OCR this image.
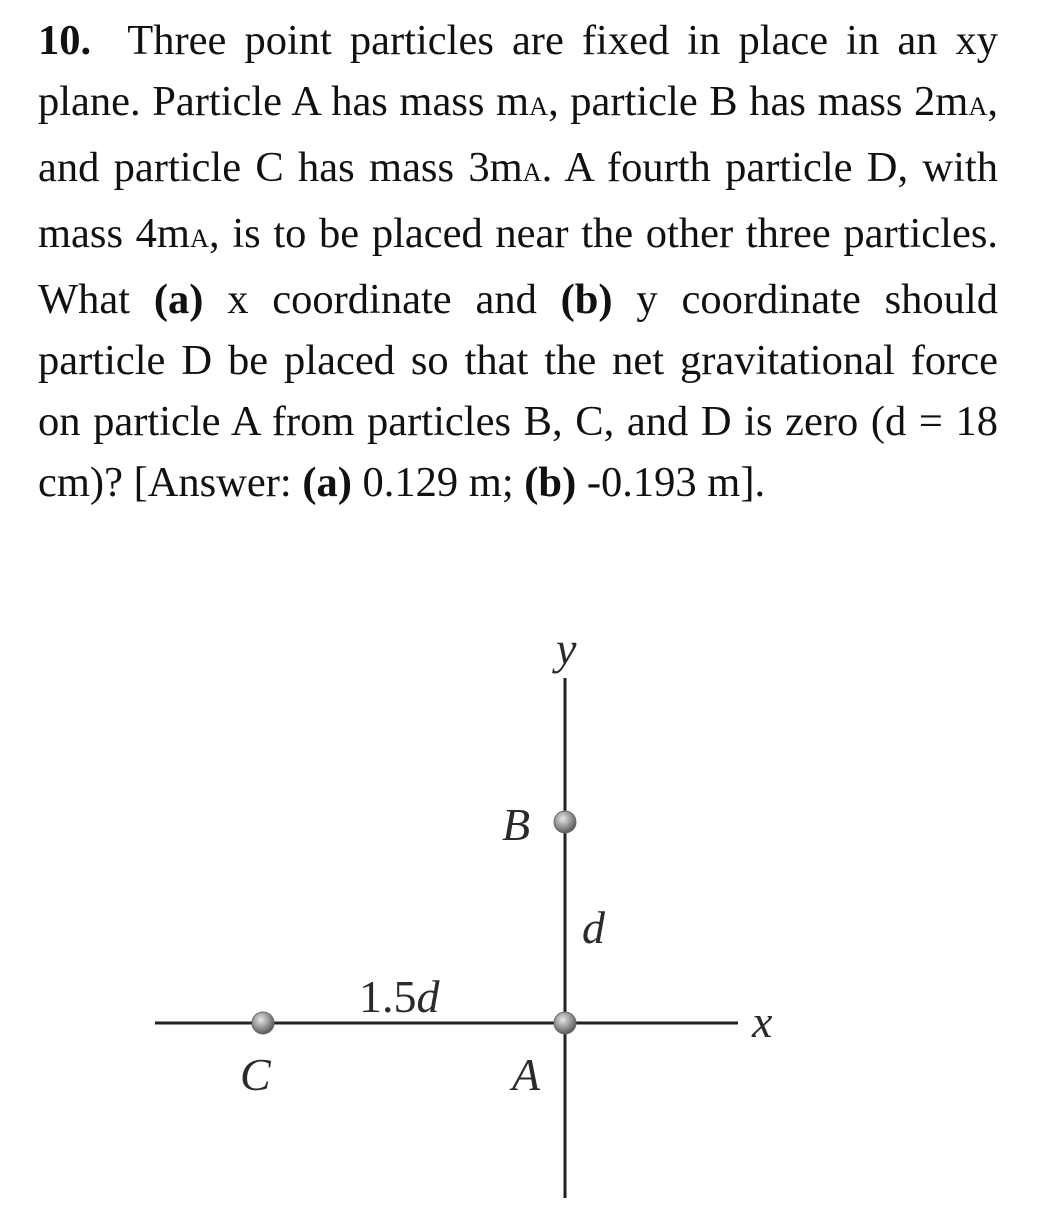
10. Three point particles are fixed in place in an xy plane. Particle A has mass mA, particle B has mass 2mA, and particle C has mass 3mA. A fourth particle D, with mass 4mA, is to be placed near the other three particles. What (a) x coordinate and (b) y coordinate should particle D be placed so that the net gravitational force on particle A from particles B, C, and D is zero (d = 18 cm)? [Answer: (a) 0.129 m; (b) -0.193 m].
y
x
B
A
C
d
1.5d
